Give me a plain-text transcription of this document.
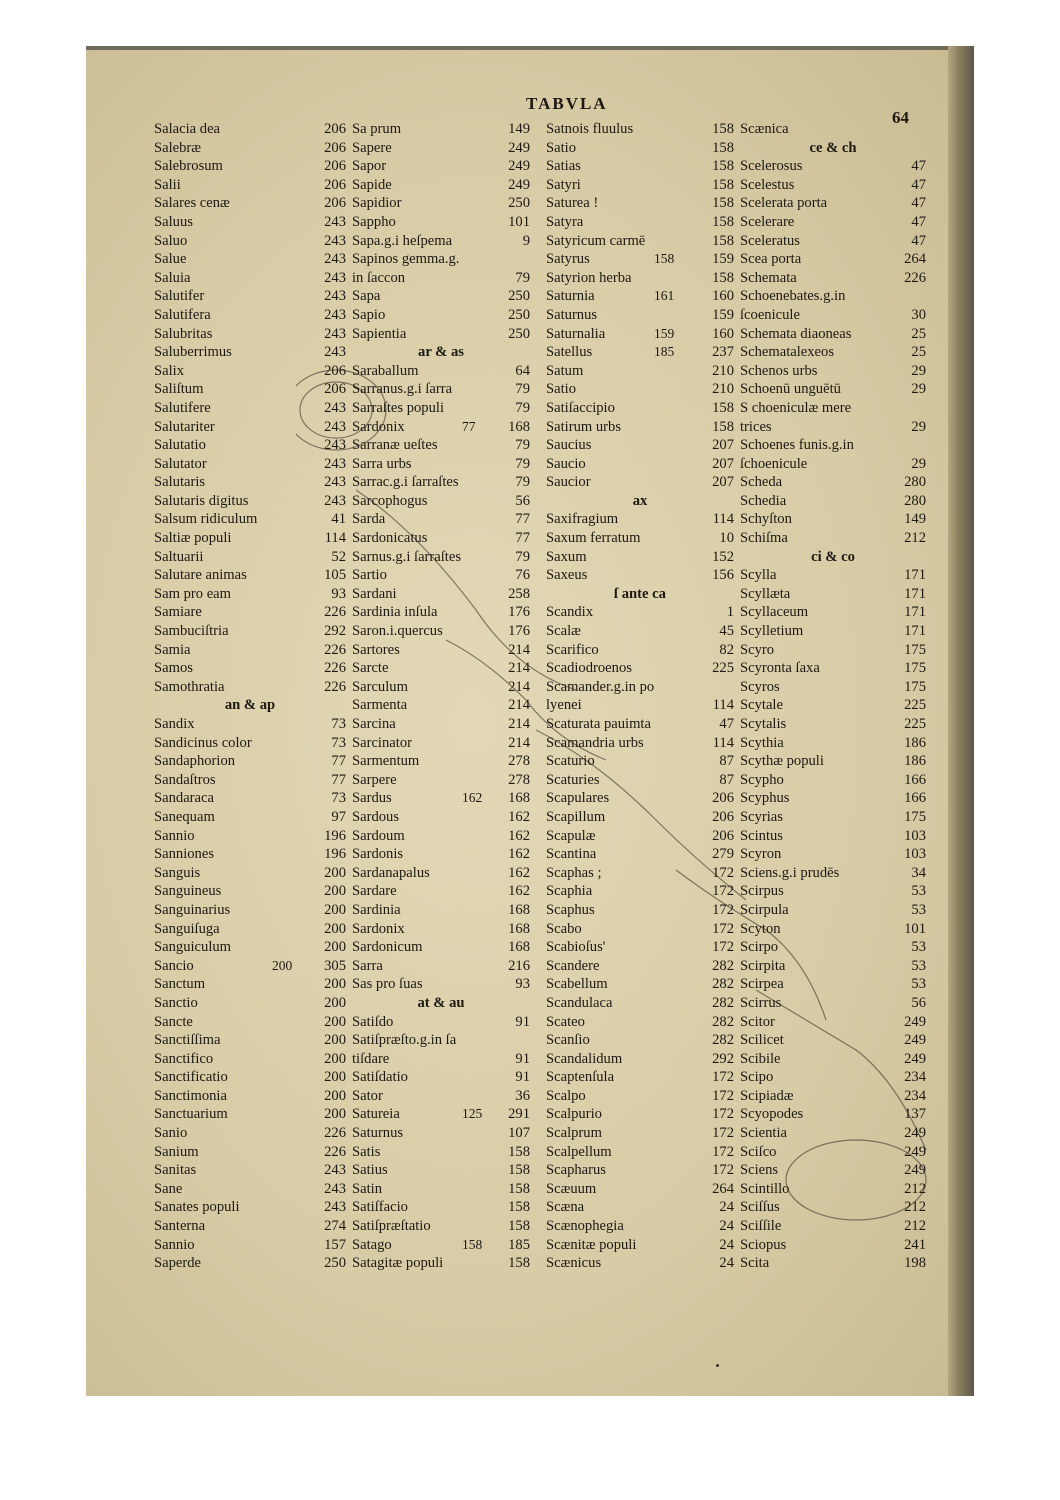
TABVLA
64
Salacia dea	206
Salebræ	206
Salebrosum	206
Salii	206
Salares cenæ	206
Saluus	243
Saluo	243
Salue	243
Saluia	243
Salutifer	243
Salutifera	243
Salubritas	243
Saluberrimus	243
Salix	206
Saliſtum	206
Salutifere	243
Salutariter	243
Salutatio	243
Salutator	243
Salutaris	243
Salutaris digitus	243
Salsum ridiculum	41
Saltiæ populi	114
Saltuarii	52
Salutare animas	105
Sam pro eam	93
Samiare	226
Sambuciſtria	292
Samia	226
Samos	226
Samothratia	226
an & ap
Sandix	73
Sandicinus color	73
Sandaphorion	77
Sandaſtros	77
Sandaraca	73
Sanequam	97
Sannio	196
Sanniones	196
Sanguis	200
Sanguineus	200
Sanguinarius	200
Sanguiſuga	200
Sanguiculum	200
Sancio	200 305
Sanctum	200
Sanctio	200
Sancte	200
Sanctiſſima	200
Sanctifico	200
Sanctificatio	200
Sanctimonia	200
Sanctuarium	200
Sanio	226
Sanium	226
Sanitas	243
Sane	243
Sanates populi	243
Santerna	274
Sannio	157
Saperde	250
Sa prum	149
Sapere	249
Sapor	249
Sapide	249
Sapidior	250
Sappho	101
Sapa.g.i heſpema	9
Sapinos gemma.g.
in ſaccon	79
Sapa	250
Sapio	250
Sapientia	250
ar & as
Saraballum	64
Sarranus.g.i ſarra	79
Sarraſtes populi	79
Sardonix	77 168
Sarranæ ueſtes	79
Sarra urbs	79
Sarrac.g.i ſarraſtes	79
Sarcophogus	56
Sarda	77
Sardonicatus	77
Sarnus.g.i ſarraſtes	79
Sartio	76
Sardani	258
Sardinia inſula	176
Saron.i.quercus	176
Sartores	214
Sarcte	214
Sarculum	214
Sarmenta	214
Sarcina	214
Sarcinator	214
Sarmentum	278
Sarpere	278
Sardus	162 168
Sardous	162
Sardoum	162
Sardonis	162
Sardanapalus	162
Sardare	162
Sardinia	168
Sardonix	168
Sardonicum	168
Sarra	216
Sas pro ſuas	93
at & au
Satiſdo	91
Satiſpræſto.g.in ſa
tiſdare	91
Satiſdatio	91
Sator	36
Satureia	125 291
Saturnus	107
Satis	158
Satius	158
Satin	158
Satiſfacio	158
Satiſpræſtatio	158
Satago	158 185
Satagitæ populi	158
Satnois fluulus	158
Satio	158
Satias	158
Satyri	158
Saturea !	158
Satyra	158
Satyricum carmē	158
Satyrus	158	159
Satyrion herba	158
Saturnia	161	160
Saturnus	159
Saturnalia	159	160
Satellus	185	237
Satum	210
Satio	210
Satiſaccipio	158
Satirum urbs	158
Saucius	207
Saucio	207
Saucior	207
ax
Saxifragium	114
Saxum ferratum	10
Saxum	152
Saxeus	156
ſ ante ca
Scandix	1
Scalæ	45
Scarifico	82
Scadiodroenos	225
Scamander.g.in po
lyenei	114
Scaturata pauimta	47
Scamandria urbs	114
Scaturio	87
Scaturies	87
Scapulares	206
Scapillum	206
Scapulæ	206
Scantina	279
Scaphas ;	172
Scaphia	172
Scaphus	172
Scabo	172
Scabioſus'	172
Scandere	282
Scabellum	282
Scandulaca	282
Scateo	282
Scanſio	282
Scandalidum	292
Scaptenſula	172
Scalpo	172
Scalpurio	172
Scalprum	172
Scalpellum	172
Scapharus	172
Scæuum	264
Scæna	24
Scænophegia	24
Scænitæ populi	24
Scænicus	24
Scænica
ce & ch
Scelerosus	47
Scelestus	47
Scelerata porta	47
Scelerare	47
Sceleratus	47
Scea porta	264
Schemata	226
Schoenebates.g.in
ſcoenicule	30
Schemata diaoneas	25
Schematalexeos	25
Schenos urbs	29
Schoenū unguētū	29
S choeniculæ mere
trices	29
Schoenes funis.g.in
ſchoenicule	29
Scheda	280
Schedia	280
Schyſton	149
Schiſma	212
ci & co
Scylla	171
Scyllæta	171
Scyllaceum	171
Scylletium	171
Scyro	175
Scyronta ſaxa	175
Scyros	175
Scytale	225
Scytalis	225
Scythia	186
Scythæ populi	186
Scypho	166
Scyphus	166
Scyrias	175
Scintus	103
Scyron	103
Sciens.g.i prudēs	34
Scirpus	53
Scirpula	53
Scyton	101
Scirpo	53
Scirpita	53
Scirpea	53
Scirrus	56
Scitor	249
Scilicet	249
Scibile	249
Scipo	234
Scipiadæ	234
Scyopodes	137
Scientia	249
Sciſco	249
Sciens	249
Scintillo	212
Sciſſus	212
Sciſſile	212
Sciopus	241
Scita	198
